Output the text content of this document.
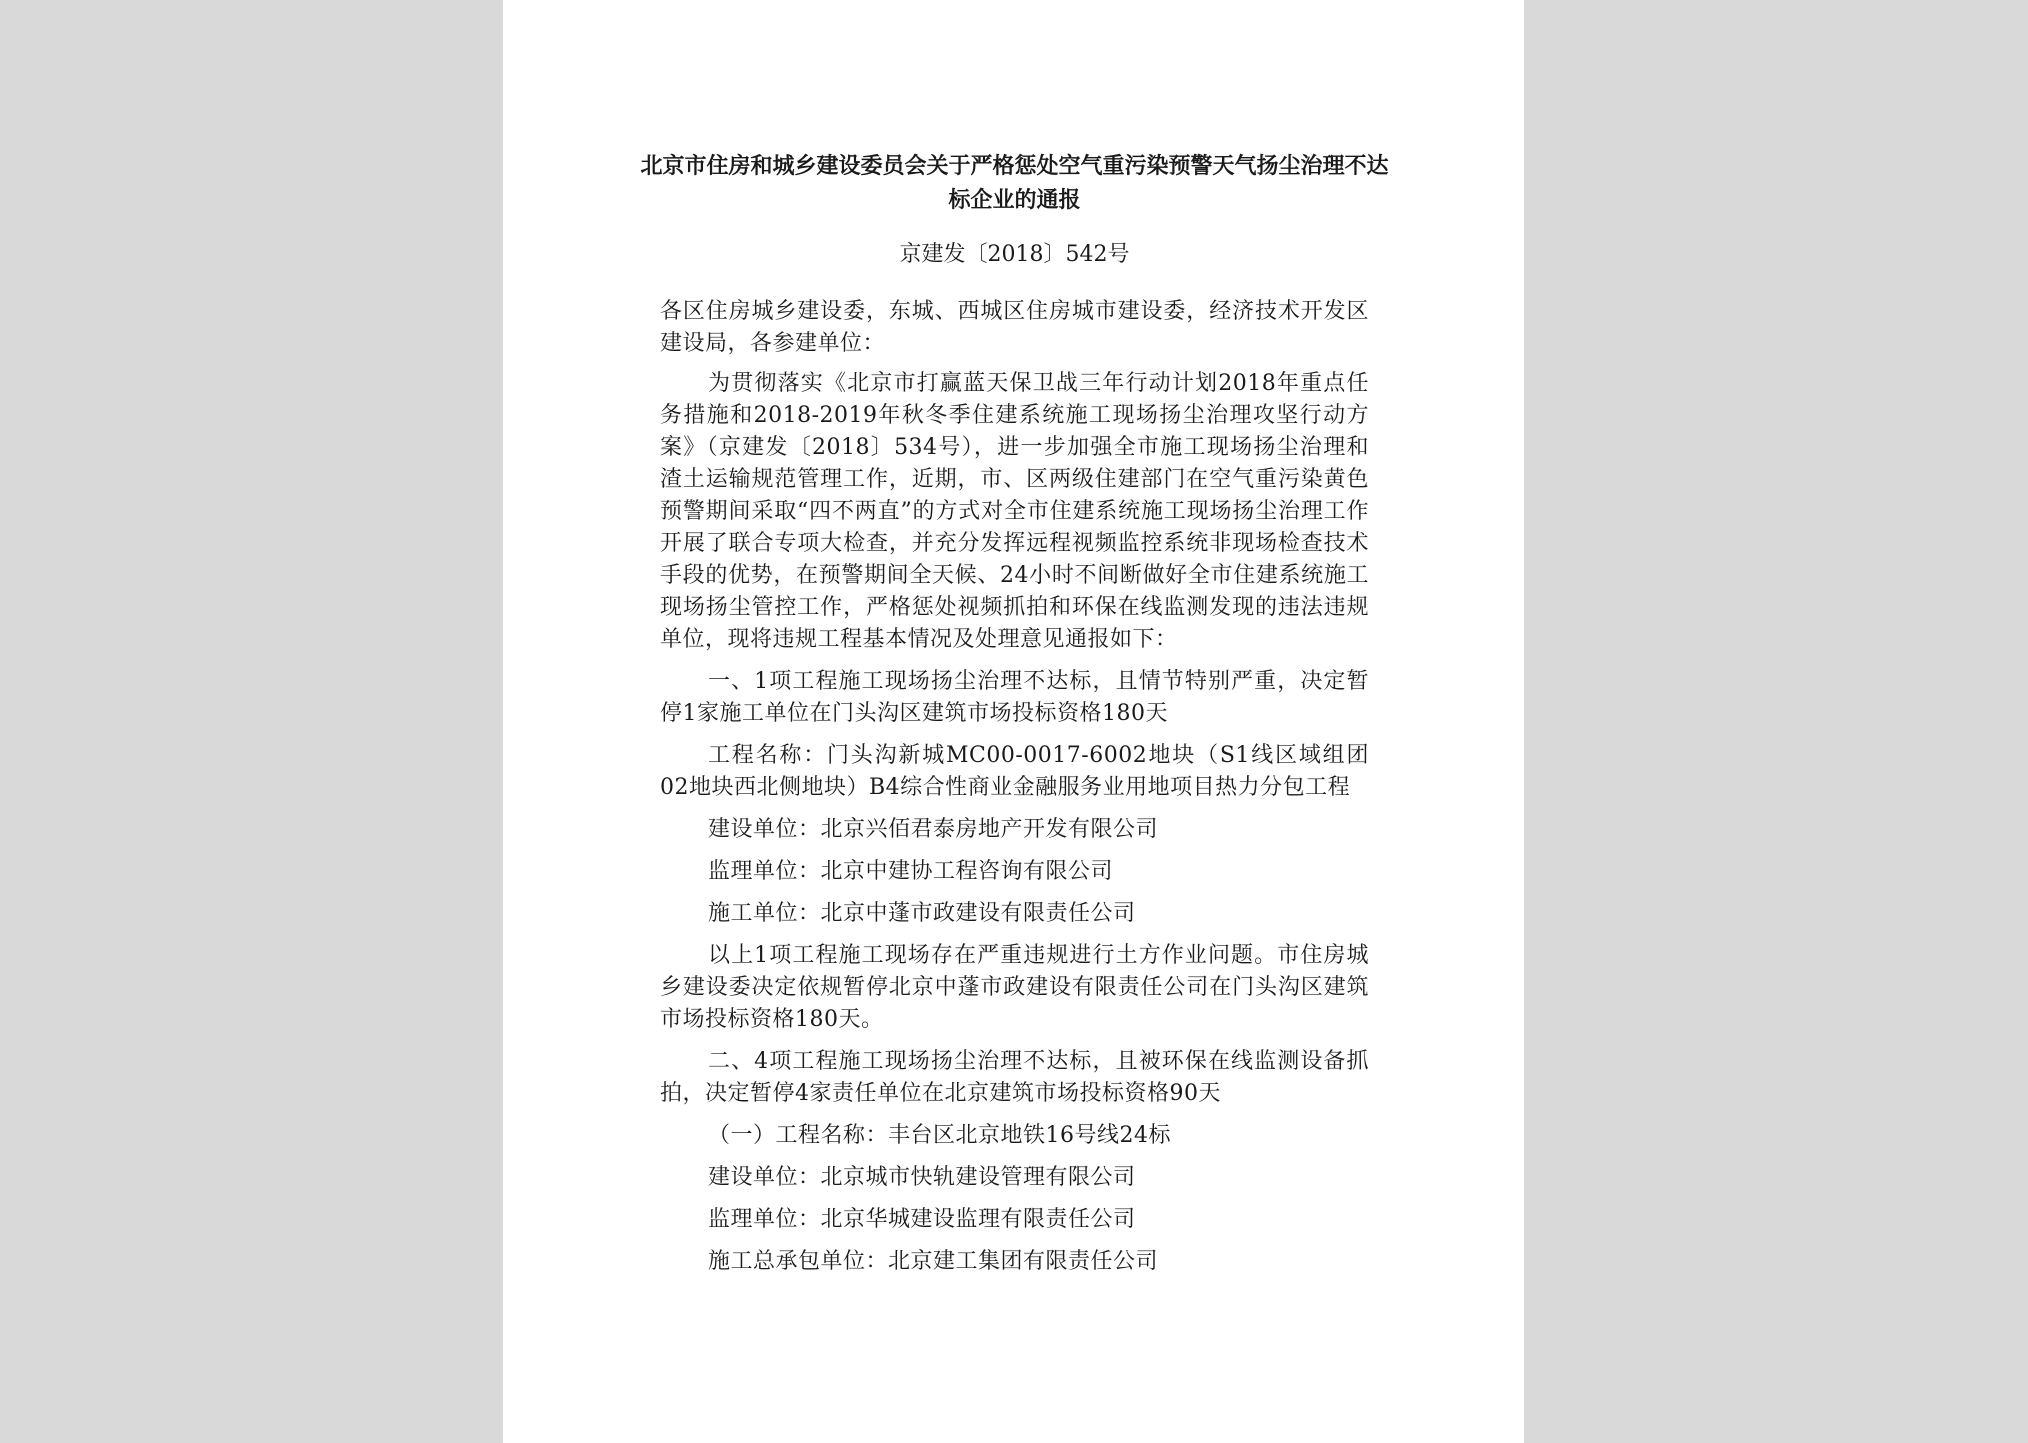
北京市住房和城乡建设委员会关于严格惩处空气重污染预警天气扬尘治理不达标企业的通报
京建发〔2018〕542号
各区住房城乡建设委，东城、西城区住房城市建设委，经济技术开发区建设局，各参建单位：
为贯彻落实《北京市打赢蓝天保卫战三年行动计划2018年重点任务措施和2018-2019年秋冬季住建系统施工现场扬尘治理攻坚行动方案》（京建发〔2018〕534号），进一步加强全市施工现场扬尘治理和渣土运输规范管理工作，近期，市、区两级住建部门在空气重污染黄色预警期间采取“四不两直”的方式对全市住建系统施工现场扬尘治理工作开展了联合专项大检查，并充分发挥远程视频监控系统非现场检查技术手段的优势，在预警期间全天候、24小时不间断做好全市住建系统施工现场扬尘管控工作，严格惩处视频抓拍和环保在线监测发现的违法违规单位，现将违规工程基本情况及处理意见通报如下：
一、1项工程施工现场扬尘治理不达标，且情节特别严重，决定暂停1家施工单位在门头沟区建筑市场投标资格180天
工程名称：门头沟新城MC00-0017-6002地块（S1线区域组团02地块西北侧地块）B4综合性商业金融服务业用地项目热力分包工程
建设单位：北京兴佰君泰房地产开发有限公司
监理单位：北京中建协工程咨询有限公司
施工单位：北京中蓬市政建设有限责任公司
以上1项工程施工现场存在严重违规进行土方作业问题。市住房城乡建设委决定依规暂停北京中蓬市政建设有限责任公司在门头沟区建筑市场投标资格180天。
二、4项工程施工现场扬尘治理不达标，且被环保在线监测设备抓拍，决定暂停4家责任单位在北京建筑市场投标资格90天
（一）工程名称：丰台区北京地铁16号线24标
建设单位：北京城市快轨建设管理有限公司
监理单位：北京华城建设监理有限责任公司
施工总承包单位：北京建工集团有限责任公司
